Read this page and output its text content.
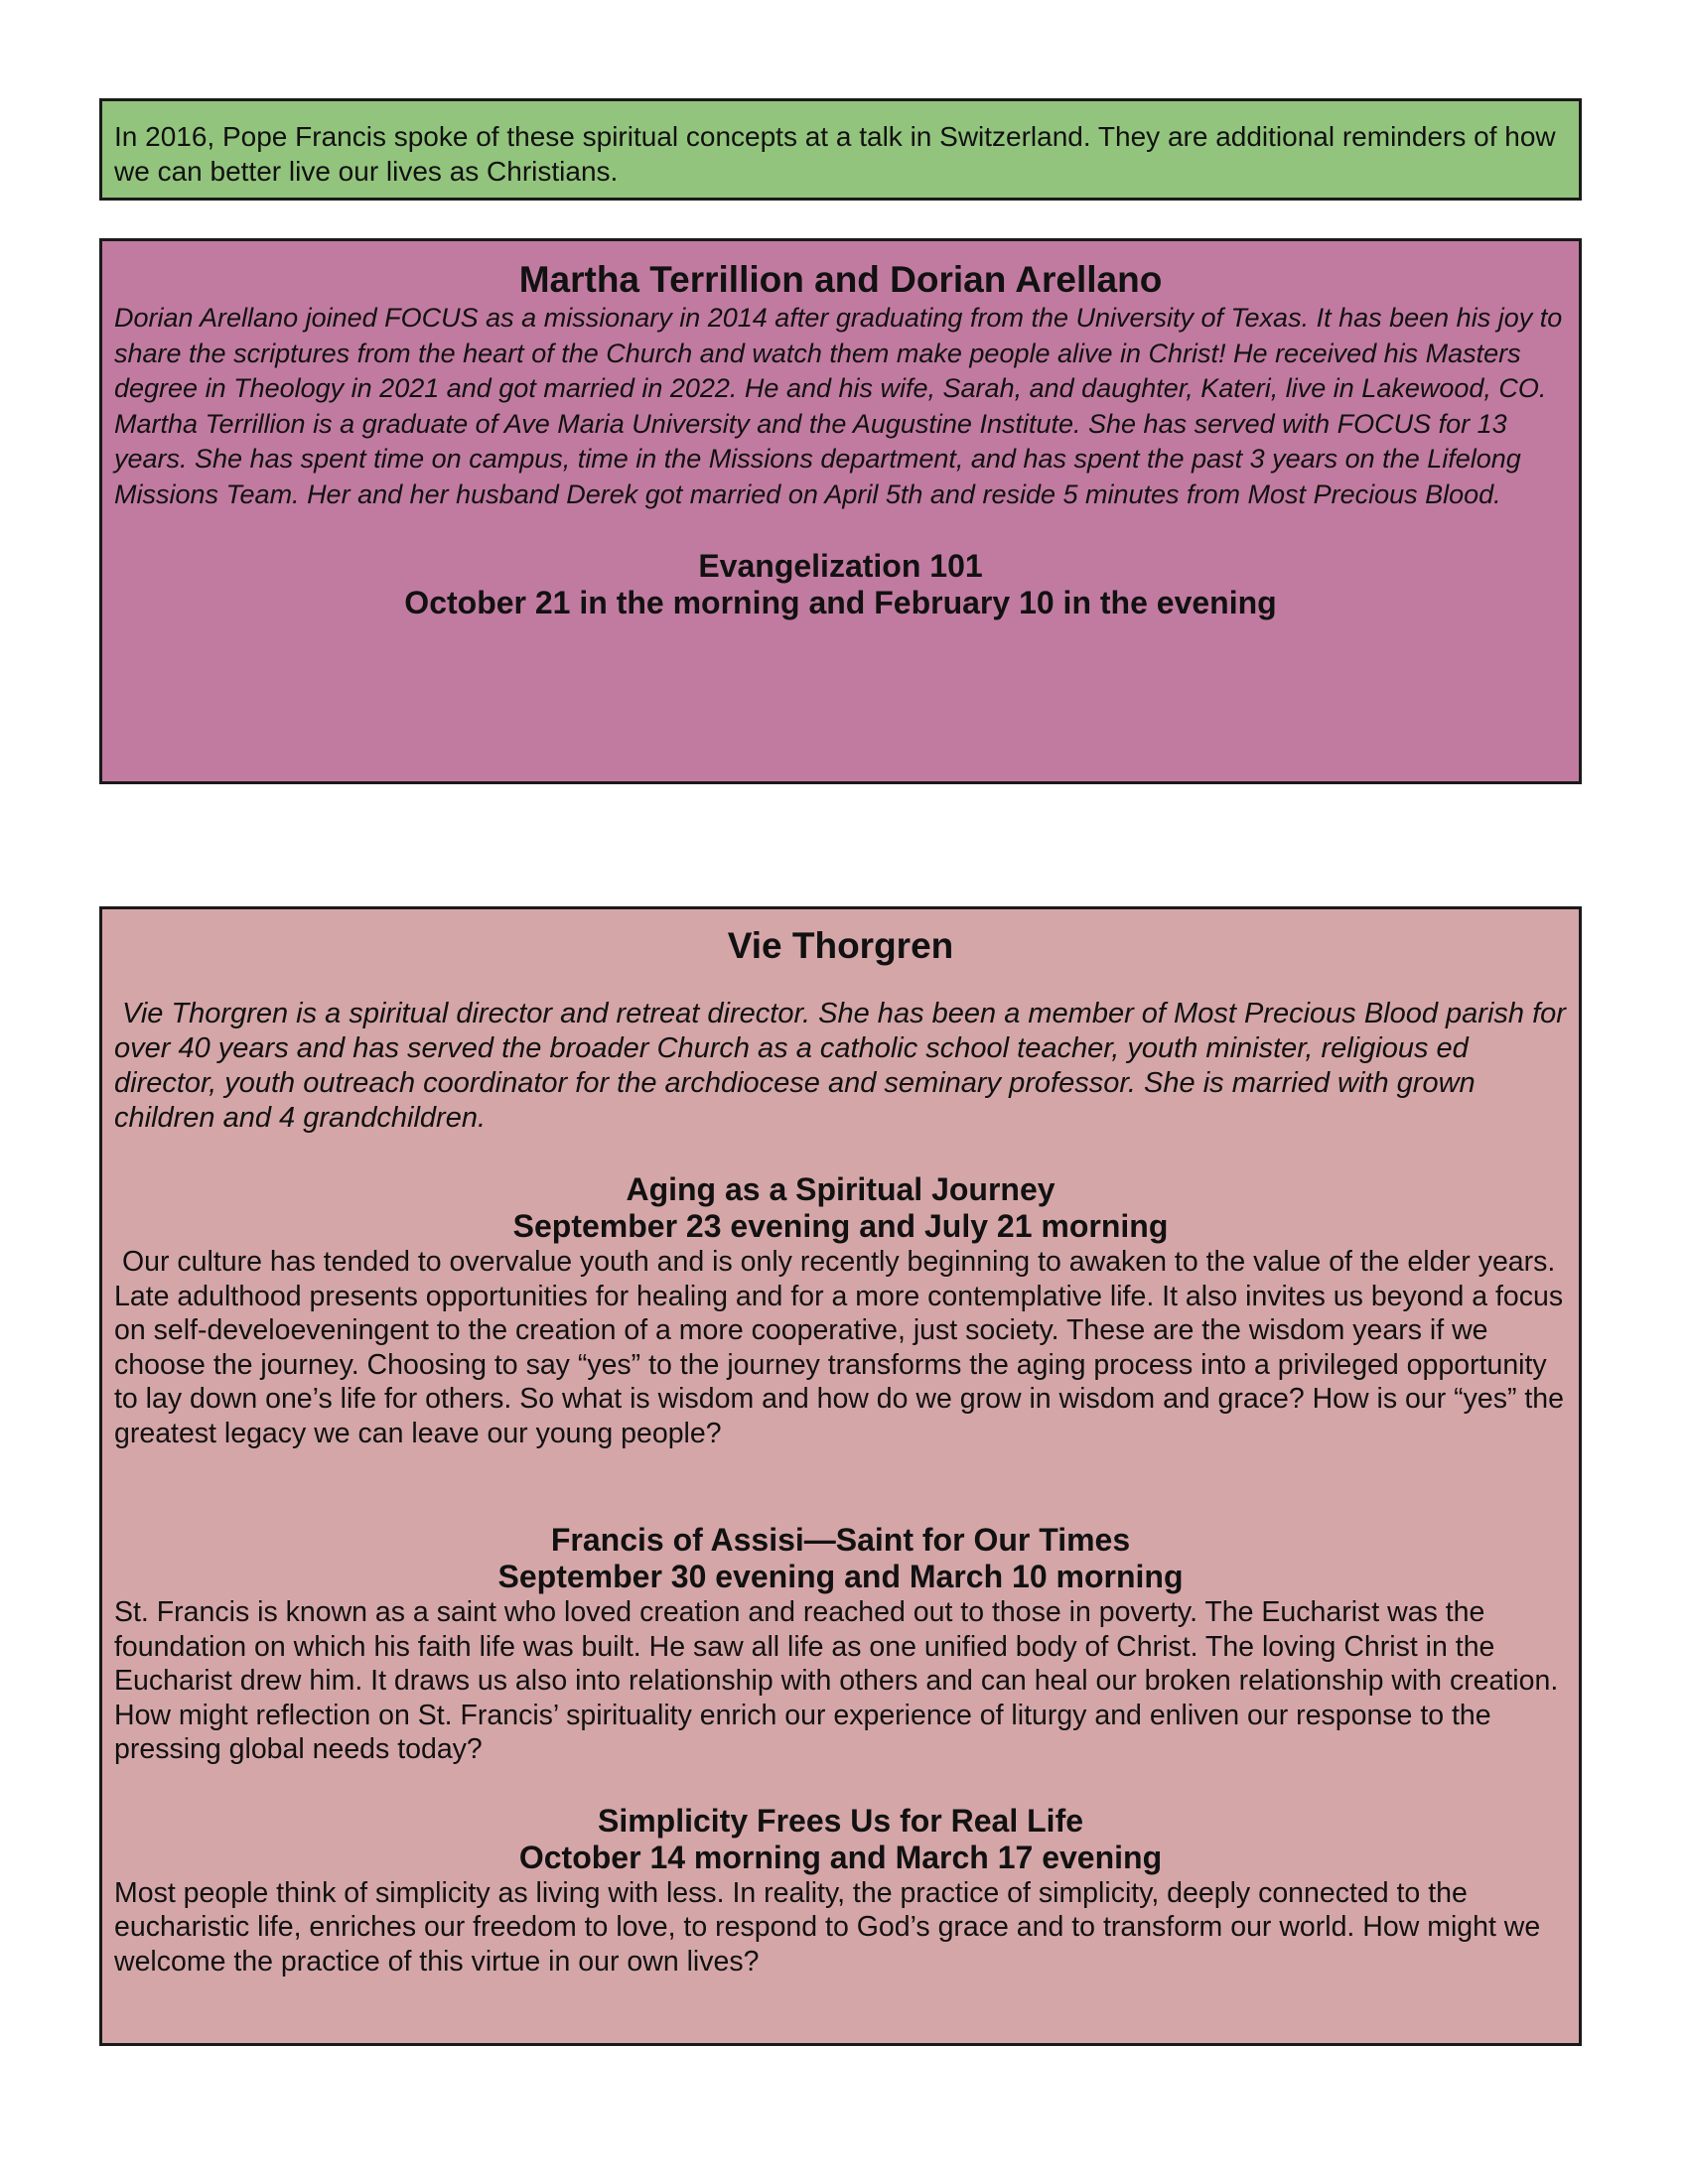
In 2016, Pope Francis spoke of these spiritual concepts at a talk in Switzerland. They are additional reminders of how we can better live our lives as Christians.

Martha Terrillion and Dorian Arellano

Dorian Arellano joined FOCUS as a missionary in 2014 after graduating from the University of Texas. It has been his joy to share the scriptures from the heart of the Church and watch them make people alive in Christ! He received his Masters degree in Theology in 2021 and got married in 2022. He and his wife, Sarah, and daughter, Kateri, live in Lakewood, CO.

Martha Terrillion is a graduate of Ave Maria University and the Augustine Institute. She has served with FOCUS for 13 years. She has spent time on campus, time in the Missions department, and has spent the past 3 years on the Lifelong Missions Team. Her and her husband Derek got married on April 5th and reside 5 minutes from Most Precious Blood.

Evangelization 101

October 21 in the morning and February 10 in the evening

Vie Thorgren

Vie Thorgren is a spiritual director and retreat director. She has been a member of Most Precious Blood parish for over 40 years and has served the broader Church as a catholic school teacher, youth minister, religious ed director, youth outreach coordinator for the archdiocese and seminary professor. She is married with grown children and 4 grandchildren.

Aging as a Spiritual Journey

September 23 evening and July 21 morning

Our culture has tended to overvalue youth and is only recently beginning to awaken to the value of the elder years. Late adulthood presents opportunities for healing and for a more contemplative life. It also invites us beyond a focus on self-develoeveningent to the creation of a more cooperative, just society. These are the wisdom years if we choose the journey. Choosing to say “yes” to the journey transforms the aging process into a privileged opportunity to lay down one’s life for others. So what is wisdom and how do we grow in wisdom and grace? How is our “yes” the greatest legacy we can leave our young people?

Francis of Assisi—Saint for Our Times

September 30 evening and March 10 morning

St. Francis is known as a saint who loved creation and reached out to those in poverty. The Eucharist was the foundation on which his faith life was built. He saw all life as one unified body of Christ. The loving Christ in the Eucharist drew him. It draws us also into relationship with others and can heal our broken relationship with creation. How might reflection on St. Francis’ spirituality enrich our experience of liturgy and enliven our response to the pressing global needs today?

Simplicity Frees Us for Real Life

October 14 morning and March 17 evening

Most people think of simplicity as living with less. In reality, the practice of simplicity, deeply connected to the eucharistic life, enriches our freedom to love, to respond to God’s grace and to transform our world. How might we welcome the practice of this virtue in our own lives?
